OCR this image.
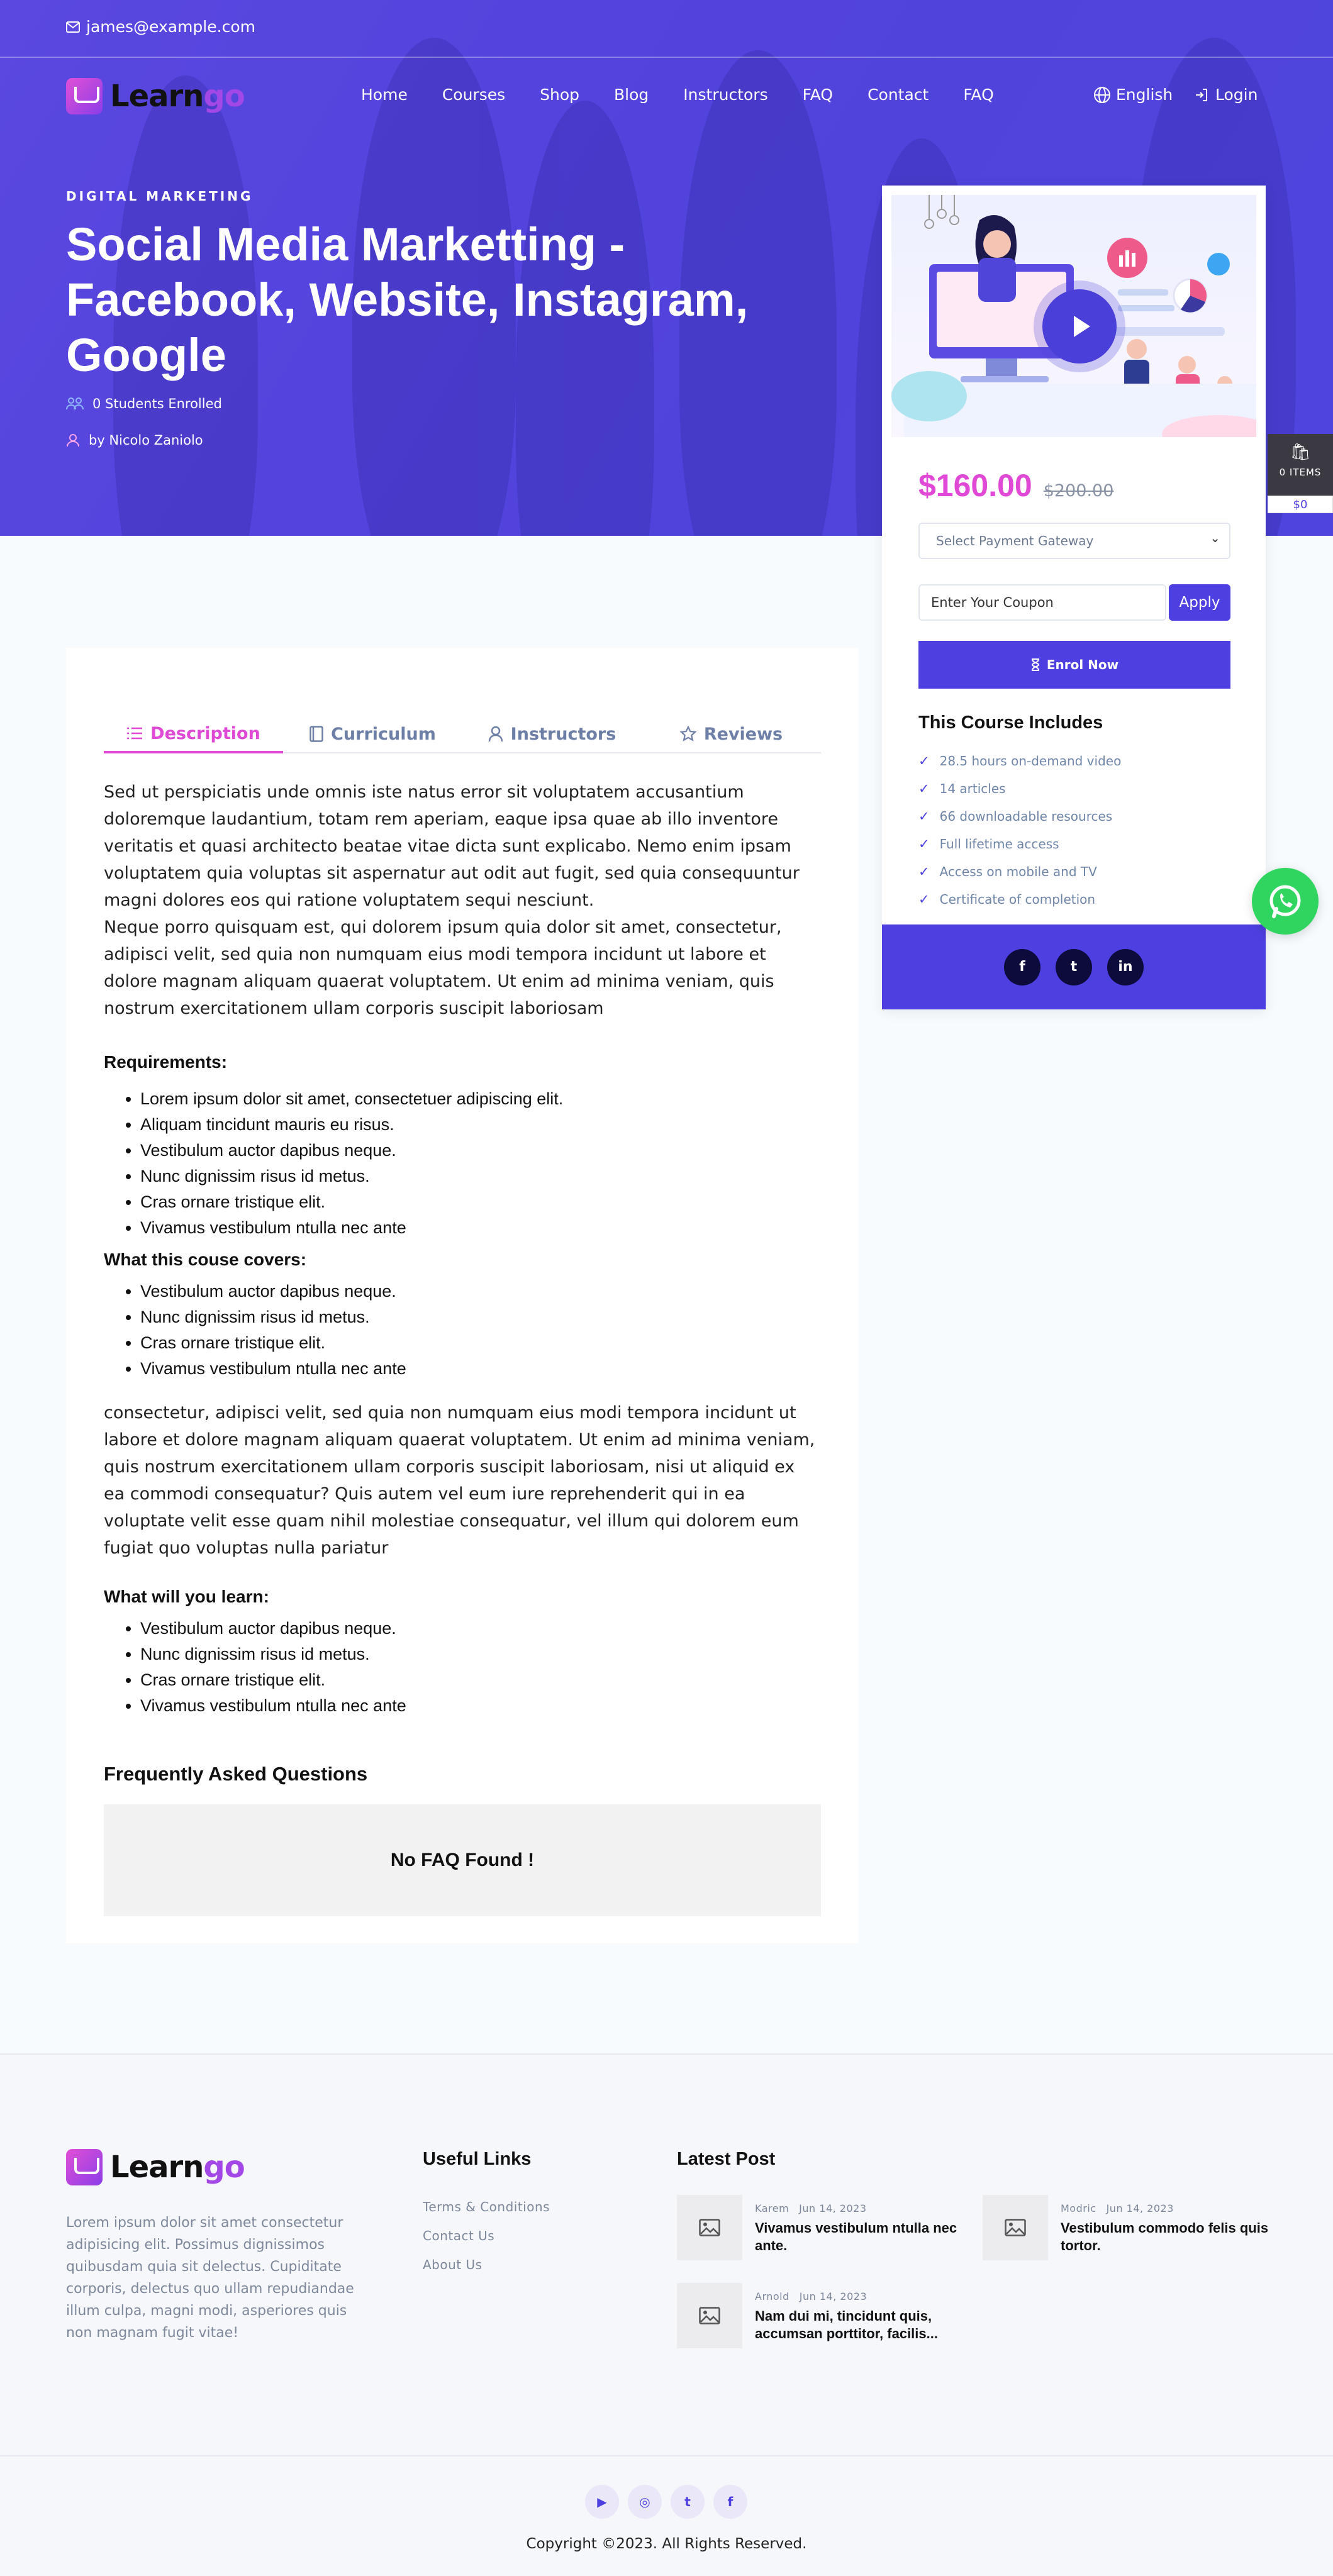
james@example.com
Learngo	Home Courses Shop Blog Instructors FAQ Contact FAQ	English	Login
DIGITAL MARKETING
Social Media Marketting - Facebook, Website, Instagram, Google
0 Students Enrolled
by Nicolo Zaniolo
$160.00 $200.00
Select Payment Gateway ⌄
Enter Your Coupon	Apply
Enrol Now
This Course Includes
✓ 28.5 hours on-demand video
✓ 14 articles
✓ 66 downloadable resources
✓ Full lifetime access
✓ Access on mobile and TV
✓ Certificate of completion
f	t	in
🛍
0 ITEMS
$0
Description	Curriculum	Instructors	Reviews

Sed ut perspiciatis unde omnis iste natus error sit voluptatem accusantium doloremque laudantium, totam rem aperiam, eaque ipsa quae ab illo inventore veritatis et quasi architecto beatae vitae dicta sunt explicabo. Nemo enim ipsam voluptatem quia voluptas sit aspernatur aut odit aut fugit, sed quia consequuntur magni dolores eos qui ratione voluptatem sequi nesciunt.

Neque porro quisquam est, qui dolorem ipsum quia dolor sit amet, consectetur, adipisci velit, sed quia non numquam eius modi tempora incidunt ut labore et dolore magnam aliquam quaerat voluptatem. Ut enim ad minima veniam, quis nostrum exercitationem ullam corporis suscipit laboriosam

Requirements:
• Lorem ipsum dolor sit amet, consectetuer adipiscing elit.
• Aliquam tincidunt mauris eu risus.
• Vestibulum auctor dapibus neque.
• Nunc dignissim risus id metus.
• Cras ornare tristique elit.
• Vivamus vestibulum ntulla nec ante
What this couse covers:
• Vestibulum auctor dapibus neque.
• Nunc dignissim risus id metus.
• Cras ornare tristique elit.
• Vivamus vestibulum ntulla nec ante

consectetur, adipisci velit, sed quia non numquam eius modi tempora incidunt ut labore et dolore magnam aliquam quaerat voluptatem. Ut enim ad minima veniam, quis nostrum exercitationem ullam corporis suscipit laboriosam, nisi ut aliquid ex ea commodi consequatur? Quis autem vel eum iure reprehenderit qui in ea voluptate velit esse quam nihil molestiae consequatur, vel illum qui dolorem eum fugiat quo voluptas nulla pariatur

What will you learn:
• Vestibulum auctor dapibus neque.
• Nunc dignissim risus id metus.
• Cras ornare tristique elit.
• Vivamus vestibulum ntulla nec ante
Frequently Asked Questions
No FAQ Found !
Learngo

Lorem ipsum dolor sit amet consectetur adipisicing elit. Possimus dignissimos quibusdam quia sit delectus. Cupiditate corporis, delectus quo ullam repudiandae illum culpa, magni modi, asperiores quis non magnam fugit vitae!

Useful Links
Terms & Conditions
Contact Us
About Us
Latest Post
Karem Jun 14, 2023
Vivamus vestibulum ntulla nec ante.
Modric Jun 14, 2023
Vestibulum commodo felis quis tortor.
Arnold Jun 14, 2023
Nam dui mi, tincidunt quis, accumsan porttitor, facilis...
▶	◎	t	f
Copyright ©2023. All Rights Reserved.
